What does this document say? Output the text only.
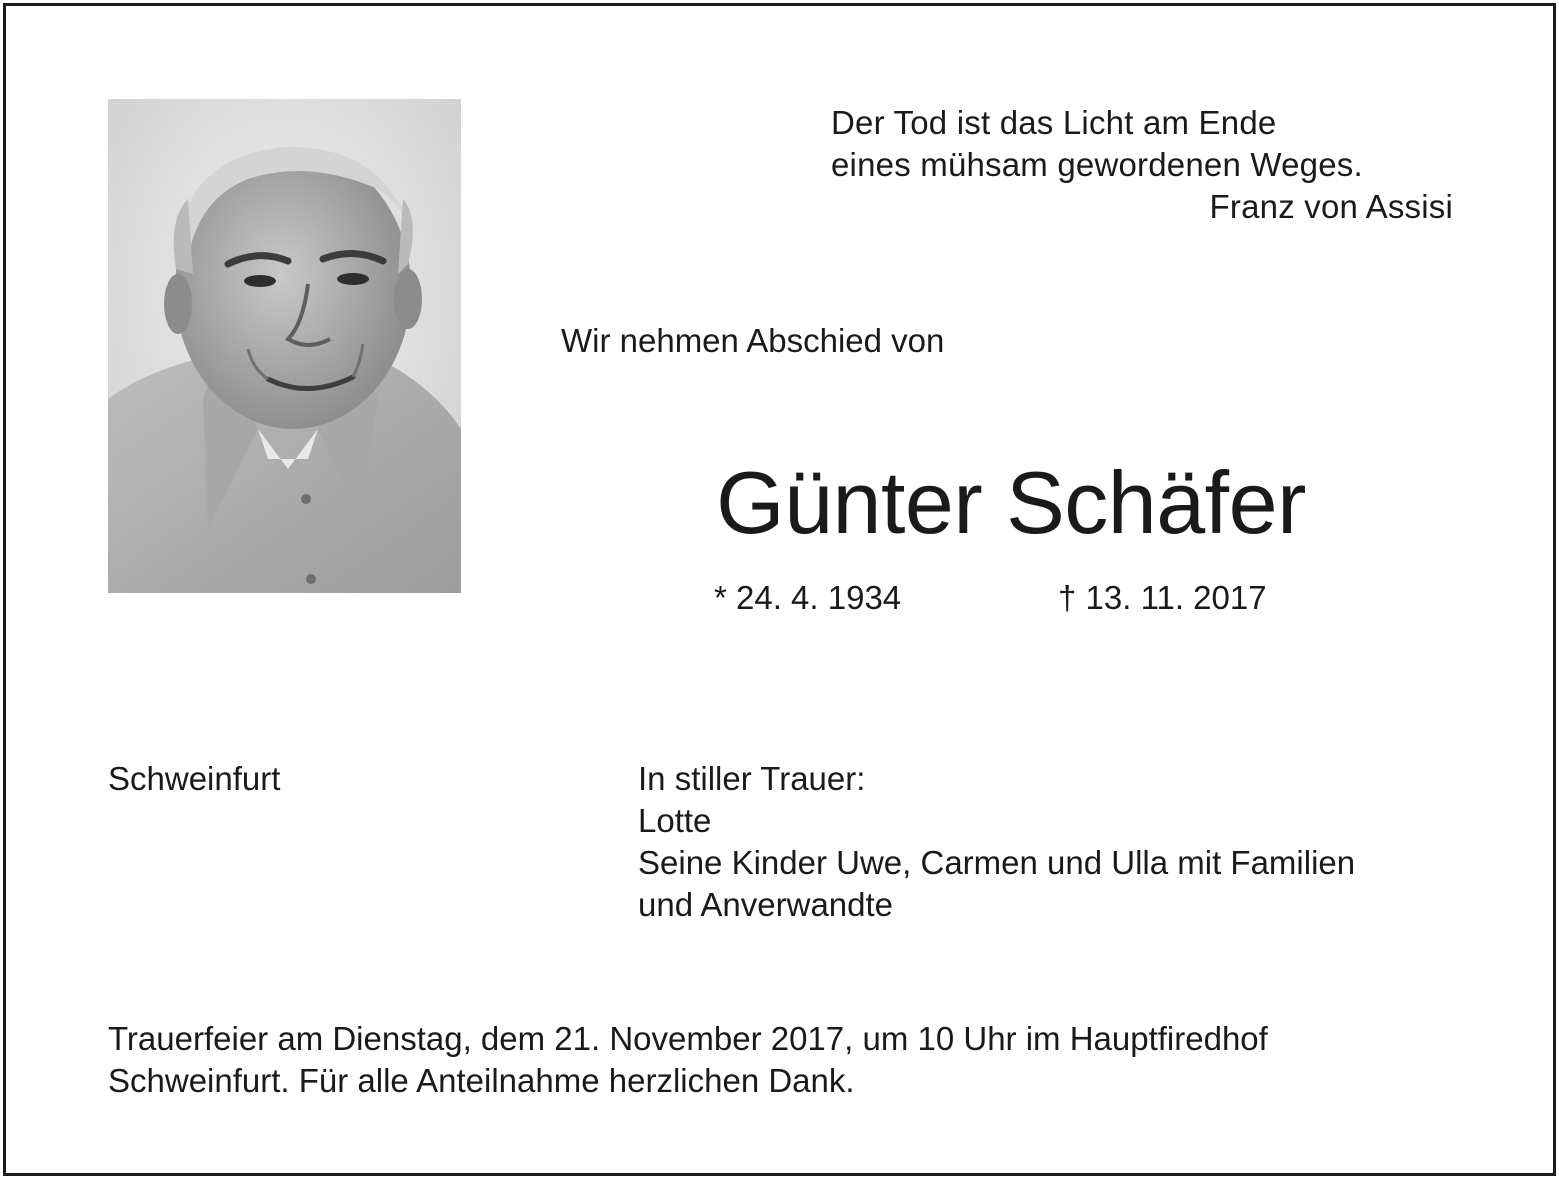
Der Tod ist das Licht am Ende
eines mühsam gewordenen Weges.
Franz von Assisi
Wir nehmen Abschied von
Günter Schäfer
* 24. 4. 1934	† 13. 11. 2017
Schweinfurt	In stiller Trauer:
Lotte
Seine Kinder Uwe, Carmen und Ulla mit Familien
und Anverwandte
Trauerfeier am Dienstag, dem 21. November 2017, um 10 Uhr im Hauptfiredhof
Schweinfurt. Für alle Anteilnahme herzlichen Dank.
